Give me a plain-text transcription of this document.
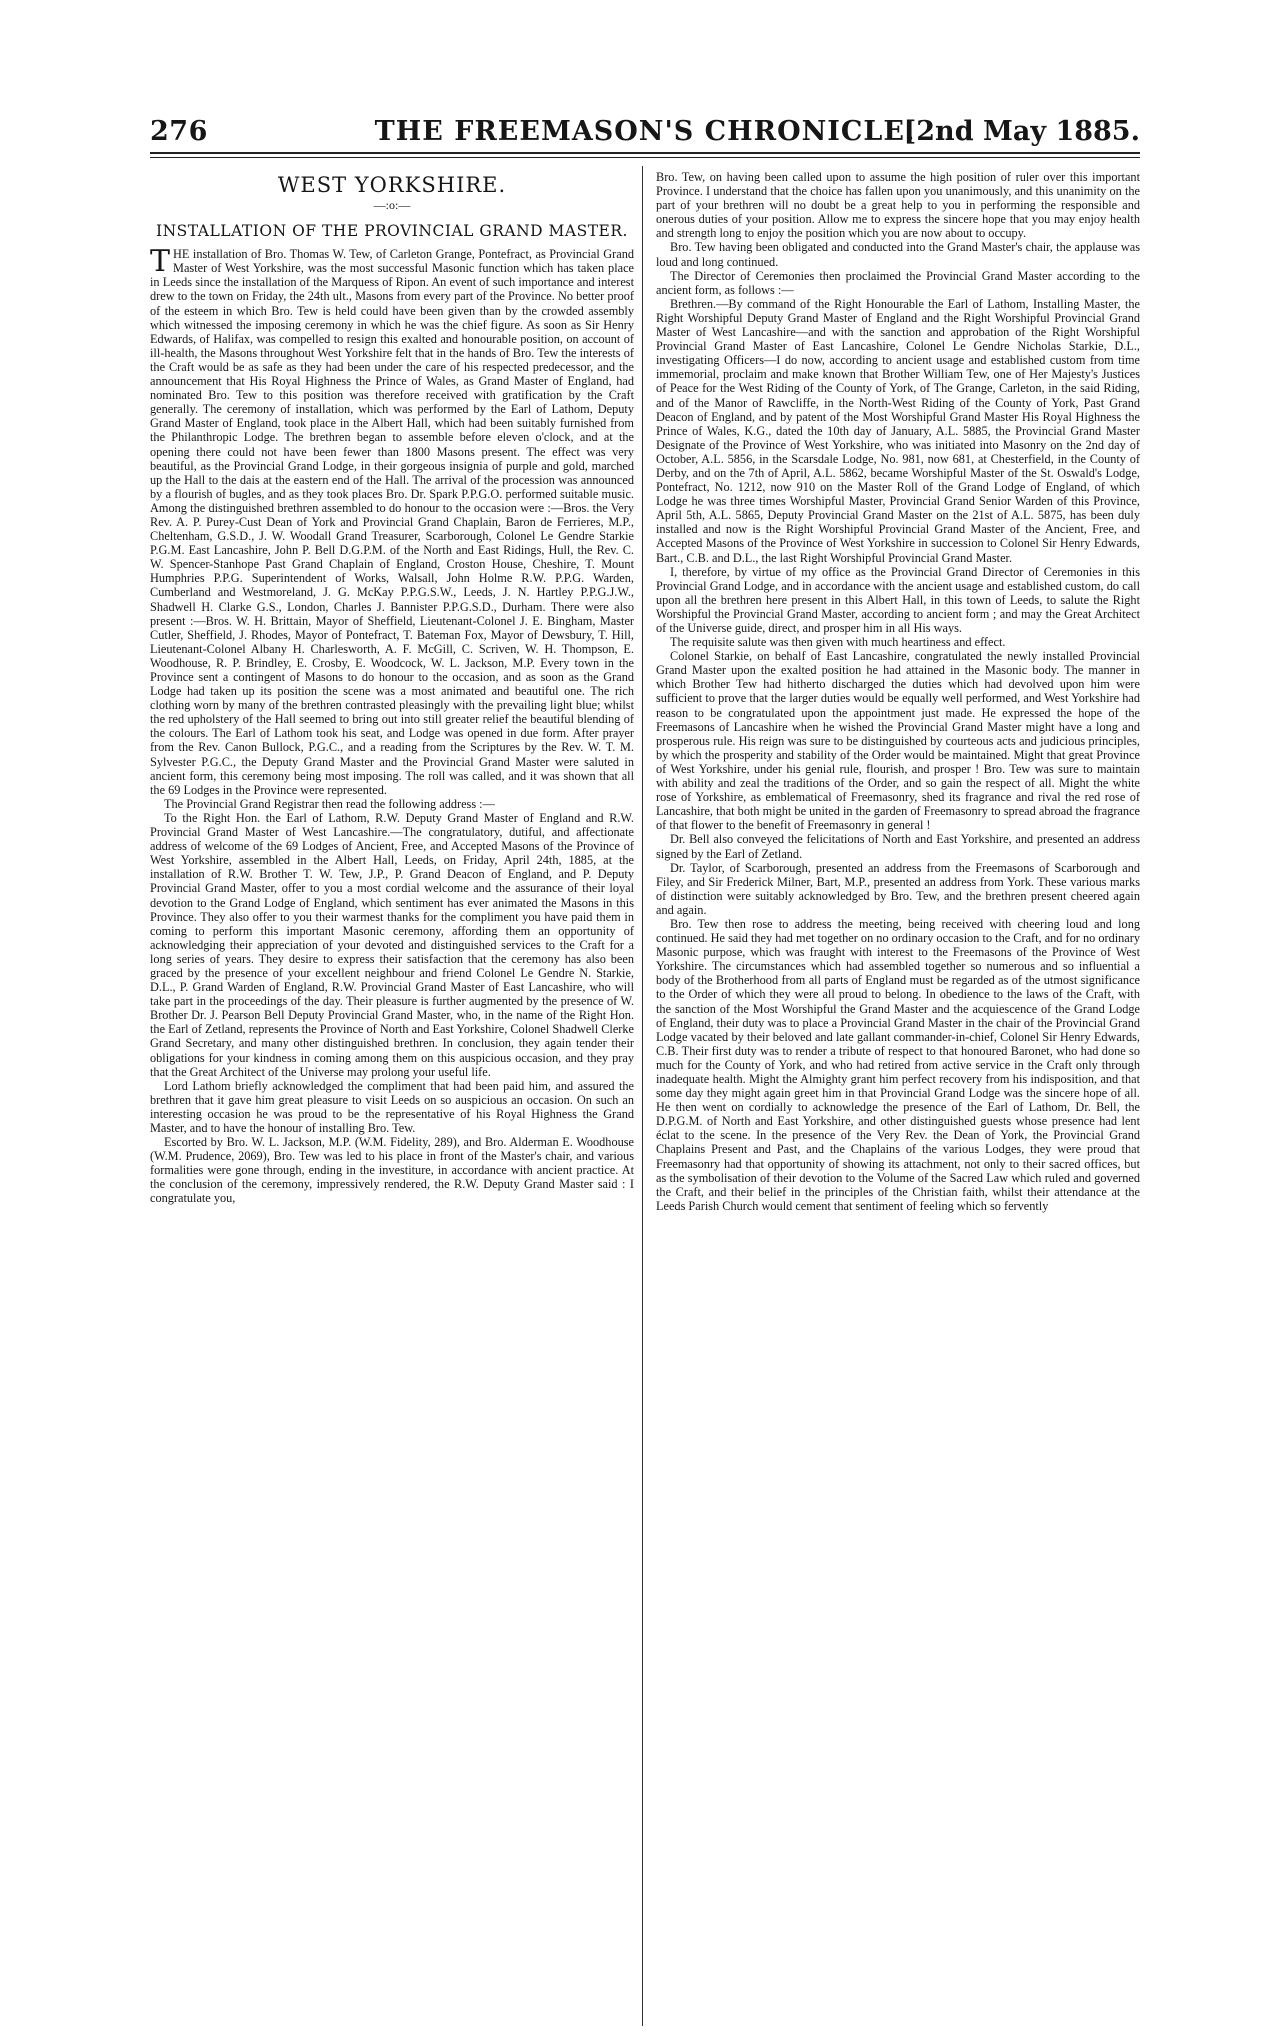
276	THE FREEMASON'S CHRONICLE.
[2nd May 1885.
WEST YORKSHIRE.
—:o:—
INSTALLATION OF THE PROVINCIAL GRAND MASTER.

THE installation of Bro. Thomas W. Tew, of Carleton Grange, Pontefract, as Provincial Grand Master of West Yorkshire, was the most successful Masonic function which has taken place in Leeds since the installation of the Marquess of Ripon. An event of such importance and interest drew to the town on Friday, the 24th ult., Masons from every part of the Province. No better proof of the esteem in which Bro. Tew is held could have been given than by the crowded assembly which witnessed the imposing ceremony in which he was the chief figure. As soon as Sir Henry Edwards, of Halifax, was compelled to resign this exalted and honourable position, on account of ill-health, the Masons throughout West Yorkshire felt that in the hands of Bro. Tew the interests of the Craft would be as safe as they had been under the care of his respected predecessor, and the announcement that His Royal Highness the Prince of Wales, as Grand Master of England, had nominated Bro. Tew to this position was therefore received with gratification by the Craft generally. The ceremony of installation, which was performed by the Earl of Lathom, Deputy Grand Master of England, took place in the Albert Hall, which had been suitably furnished from the Philanthropic Lodge. The brethren began to assemble before eleven o'clock, and at the opening there could not have been fewer than 1800 Masons present. The effect was very beautiful, as the Provincial Grand Lodge, in their gorgeous insignia of purple and gold, marched up the Hall to the dais at the eastern end of the Hall. The arrival of the procession was announced by a flourish of bugles, and as they took places Bro. Dr. Spark P.P.G.O. performed suitable music. Among the distinguished brethren assembled to do honour to the occasion were :—Bros. the Very Rev. A. P. Purey-Cust Dean of York and Provincial Grand Chaplain, Baron de Ferrieres, M.P., Cheltenham, G.S.D., J. W. Woodall Grand Treasurer, Scarborough, Colonel Le Gendre Starkie P.G.M. East Lancashire, John P. Bell D.G.P.M. of the North and East Ridings, Hull, the Rev. C. W. Spencer-Stanhope Past Grand Chaplain of England, Croston House, Cheshire, T. Mount Humphries P.P.G. Superintendent of Works, Walsall, John Holme R.W. P.P.G. Warden, Cumberland and Westmoreland, J. G. McKay P.P.G.S.W., Leeds, J. N. Hartley P.P.G.J.W., Shadwell H. Clarke G.S., London, Charles J. Bannister P.P.G.S.D., Durham. There were also present :—Bros. W. H. Brittain, Mayor of Sheffield, Lieutenant-Colonel J. E. Bingham, Master Cutler, Sheffield, J. Rhodes, Mayor of Pontefract, T. Bateman Fox, Mayor of Dewsbury, T. Hill, Lieutenant-Colonel Albany H. Charlesworth, A. F. McGill, C. Scriven, W. H. Thompson, E. Woodhouse, R. P. Brindley, E. Crosby, E. Woodcock, W. L. Jackson, M.P. Every town in the Province sent a contingent of Masons to do honour to the occasion, and as soon as the Grand Lodge had taken up its position the scene was a most animated and beautiful one. The rich clothing worn by many of the brethren contrasted pleasingly with the prevailing light blue; whilst the red upholstery of the Hall seemed to bring out into still greater relief the beautiful blending of the colours. The Earl of Lathom took his seat, and Lodge was opened in due form. After prayer from the Rev. Canon Bullock, P.G.C., and a reading from the Scriptures by the Rev. W. T. M. Sylvester P.G.C., the Deputy Grand Master and the Provincial Grand Master were saluted in ancient form, this ceremony being most imposing. The roll was called, and it was shown that all the 69 Lodges in the Province were represented.

The Provincial Grand Registrar then read the following address :—

To the Right Hon. the Earl of Lathom, R.W. Deputy Grand Master of England and R.W. Provincial Grand Master of West Lancashire.—The congratulatory, dutiful, and affectionate address of welcome of the 69 Lodges of Ancient, Free, and Accepted Masons of the Province of West Yorkshire, assembled in the Albert Hall, Leeds, on Friday, April 24th, 1885, at the installation of R.W. Brother T. W. Tew, J.P., P. Grand Deacon of England, and P. Deputy Provincial Grand Master, offer to you a most cordial welcome and the assurance of their loyal devotion to the Grand Lodge of England, which sentiment has ever animated the Masons in this Province. They also offer to you their warmest thanks for the compliment you have paid them in coming to perform this important Masonic ceremony, affording them an opportunity of acknowledging their appreciation of your devoted and distinguished services to the Craft for a long series of years. They desire to express their satisfaction that the ceremony has also been graced by the presence of your excellent neighbour and friend Colonel Le Gendre N. Starkie, D.L., P. Grand Warden of England, R.W. Provincial Grand Master of East Lancashire, who will take part in the proceedings of the day. Their pleasure is further augmented by the presence of W. Brother Dr. J. Pearson Bell Deputy Provincial Grand Master, who, in the name of the Right Hon. the Earl of Zetland, represents the Province of North and East Yorkshire, Colonel Shadwell Clerke Grand Secretary, and many other distinguished brethren. In conclusion, they again tender their obligations for your kindness in coming among them on this auspicious occasion, and they pray that the Great Architect of the Universe may prolong your useful life.

Lord Lathom briefly acknowledged the compliment that had been paid him, and assured the brethren that it gave him great pleasure to visit Leeds on so auspicious an occasion. On such an interesting occasion he was proud to be the representative of his Royal Highness the Grand Master, and to have the honour of installing Bro. Tew.

Escorted by Bro. W. L. Jackson, M.P. (W.M. Fidelity, 289), and Bro. Alderman E. Woodhouse (W.M. Prudence, 2069), Bro. Tew was led to his place in front of the Master's chair, and various formalities were gone through, ending in the investiture, in accordance with ancient practice. At the conclusion of the ceremony, impressively rendered, the R.W. Deputy Grand Master said : I congratulate you,

Bro. Tew, on having been called upon to assume the high position of ruler over this important Province. I understand that the choice has fallen upon you unanimously, and this unanimity on the part of your brethren will no doubt be a great help to you in performing the responsible and onerous duties of your position. Allow me to express the sincere hope that you may enjoy health and strength long to enjoy the position which you are now about to occupy.

Bro. Tew having been obligated and conducted into the Grand Master's chair, the applause was loud and long continued.

The Director of Ceremonies then proclaimed the Provincial Grand Master according to the ancient form, as follows :—

Brethren.—By command of the Right Honourable the Earl of Lathom, Installing Master, the Right Worshipful Deputy Grand Master of England and the Right Worshipful Provincial Grand Master of West Lancashire—and with the sanction and approbation of the Right Worshipful Provincial Grand Master of East Lancashire, Colonel Le Gendre Nicholas Starkie, D.L., investigating Officers—I do now, according to ancient usage and established custom from time immemorial, proclaim and make known that Brother William Tew, one of Her Majesty's Justices of Peace for the West Riding of the County of York, of The Grange, Carleton, in the said Riding, and of the Manor of Rawcliffe, in the North-West Riding of the County of York, Past Grand Deacon of England, and by patent of the Most Worshipful Grand Master His Royal Highness the Prince of Wales, K.G., dated the 10th day of January, A.L. 5885, the Provincial Grand Master Designate of the Province of West Yorkshire, who was initiated into Masonry on the 2nd day of October, A.L. 5856, in the Scarsdale Lodge, No. 981, now 681, at Chesterfield, in the County of Derby, and on the 7th of April, A.L. 5862, became Worshipful Master of the St. Oswald's Lodge, Pontefract, No. 1212, now 910 on the Master Roll of the Grand Lodge of England, of which Lodge he was three times Worshipful Master, Provincial Grand Senior Warden of this Province, April 5th, A.L. 5865, Deputy Provincial Grand Master on the 21st of A.L. 5875, has been duly installed and now is the Right Worshipful Provincial Grand Master of the Ancient, Free, and Accepted Masons of the Province of West Yorkshire in succession to Colonel Sir Henry Edwards, Bart., C.B. and D.L., the last Right Worshipful Provincial Grand Master.

I, therefore, by virtue of my office as the Provincial Grand Director of Ceremonies in this Provincial Grand Lodge, and in accordance with the ancient usage and established custom, do call upon all the brethren here present in this Albert Hall, in this town of Leeds, to salute the Right Worshipful the Provincial Grand Master, according to ancient form ; and may the Great Architect of the Universe guide, direct, and prosper him in all His ways.

The requisite salute was then given with much heartiness and effect.

Colonel Starkie, on behalf of East Lancashire, congratulated the newly installed Provincial Grand Master upon the exalted position he had attained in the Masonic body. The manner in which Brother Tew had hitherto discharged the duties which had devolved upon him were sufficient to prove that the larger duties would be equally well performed, and West Yorkshire had reason to be congratulated upon the appointment just made. He expressed the hope of the Freemasons of Lancashire when he wished the Provincial Grand Master might have a long and prosperous rule. His reign was sure to be distinguished by courteous acts and judicious principles, by which the prosperity and stability of the Order would be maintained. Might that great Province of West Yorkshire, under his genial rule, flourish, and prosper ! Bro. Tew was sure to maintain with ability and zeal the traditions of the Order, and so gain the respect of all. Might the white rose of Yorkshire, as emblematical of Freemasonry, shed its fragrance and rival the red rose of Lancashire, that both might be united in the garden of Freemasonry to spread abroad the fragrance of that flower to the benefit of Freemasonry in general !

Dr. Bell also conveyed the felicitations of North and East Yorkshire, and presented an address signed by the Earl of Zetland.

Dr. Taylor, of Scarborough, presented an address from the Freemasons of Scarborough and Filey, and Sir Frederick Milner, Bart, M.P., presented an address from York. These various marks of distinction were suitably acknowledged by Bro. Tew, and the brethren present cheered again and again.

Bro. Tew then rose to address the meeting, being received with cheering loud and long continued. He said they had met together on no ordinary occasion to the Craft, and for no ordinary Masonic purpose, which was fraught with interest to the Freemasons of the Province of West Yorkshire. The circumstances which had assembled together so numerous and so influential a body of the Brotherhood from all parts of England must be regarded as of the utmost significance to the Order of which they were all proud to belong. In obedience to the laws of the Craft, with the sanction of the Most Worshipful the Grand Master and the acquiescence of the Grand Lodge of England, their duty was to place a Provincial Grand Master in the chair of the Provincial Grand Lodge vacated by their beloved and late gallant commander-in-chief, Colonel Sir Henry Edwards, C.B. Their first duty was to render a tribute of respect to that honoured Baronet, who had done so much for the County of York, and who had retired from active service in the Craft only through inadequate health. Might the Almighty grant him perfect recovery from his indisposition, and that some day they might again greet him in that Provincial Grand Lodge was the sincere hope of all. He then went on cordially to acknowledge the presence of the Earl of Lathom, Dr. Bell, the D.P.G.M. of North and East Yorkshire, and other distinguished guests whose presence had lent éclat to the scene. In the presence of the Very Rev. the Dean of York, the Provincial Grand Chaplains Present and Past, and the Chaplains of the various Lodges, they were proud that Freemasonry had that opportunity of showing its attachment, not only to their sacred offices, but as the symbolisation of their devotion to the Volume of the Sacred Law which ruled and governed the Craft, and their belief in the principles of the Christian faith, whilst their attendance at the Leeds Parish Church would cement that sentiment of feeling which so fervently
